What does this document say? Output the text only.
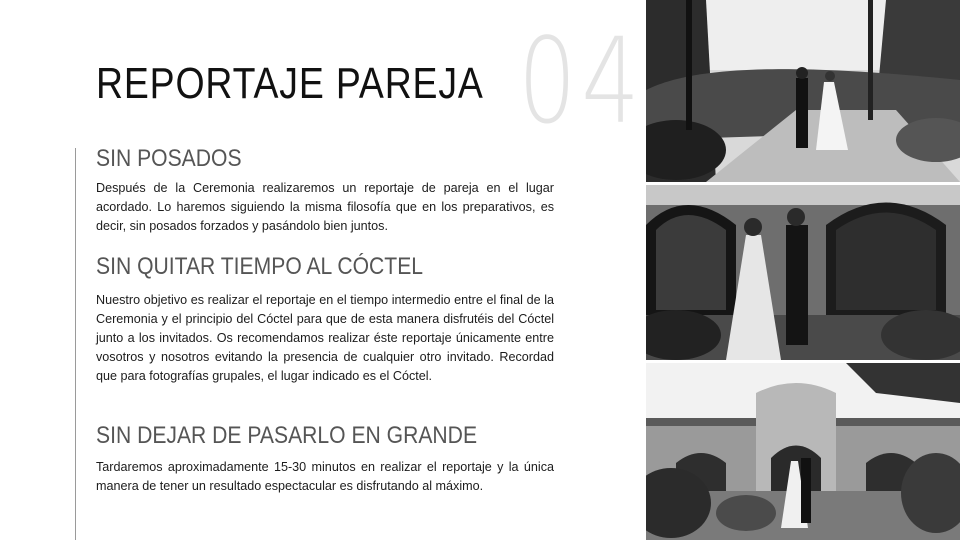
04
REPORTAJE PAREJA
SIN POSADOS

Después de la Ceremonia realizaremos un reportaje de pareja en el lugar acordado. Lo haremos siguiendo la misma filosofía que en los preparativos, es decir, sin posados forzados y pasándolo bien juntos.

SIN QUITAR TIEMPO AL CÓCTEL

Nuestro objetivo es realizar el reportaje en el tiempo intermedio entre el final de la Ceremonia y el principio del Cóctel para que de esta manera disfrutéis del Cóctel junto a los invitados. Os recomendamos realizar éste reportaje únicamente entre vosotros y nosotros evitando la presencia de cualquier otro invitado. Recordad que para fotografías grupales, el lugar indicado es el Cóctel.

SIN DEJAR DE PASARLO EN GRANDE

Tardaremos aproximadamente 15-30 minutos en realizar el reportaje y la única manera de tener un resultado espectacular es disfrutando al máximo.
